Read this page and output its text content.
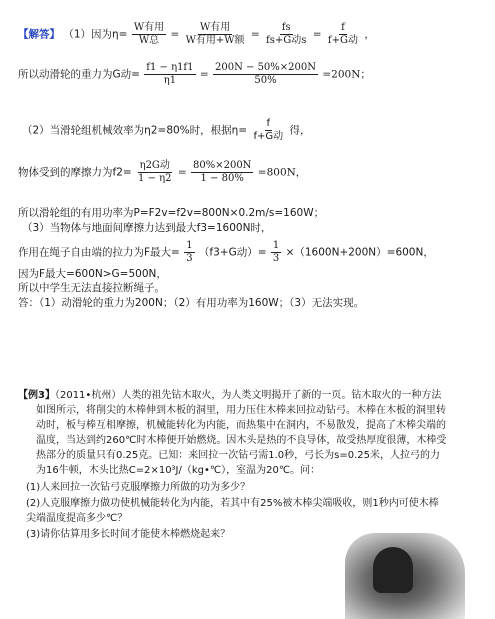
【解答】 （1）因为$\eta= \frac{\text{W有用}}{\text{W总}} = \frac{\text{W有用}}{\text{W有用+W额}} = \frac{fs}{\text{fs+G动s}} = \frac{f}{\text{f+G动}}$ ，
所以动滑轮的重力为G动= $\frac{f1 - \eta 1f1}{\eta 1} = \frac{200N - 50\%\times 200N}{50\%} =200N$；
（2）当滑轮组机械效率为η2=80%时，根据$\eta= \frac{f}{\text{f+G动}}$ 得，
物体受到的摩擦力为$f2= \frac{\text{η2G动}}{1 - \eta 2} = \frac{80\%\times 200N}{1 - 80\%} =800N$，
所以滑轮组的有用功率为P=F2v=f2v=800N×0.2m/s=160W；
（3）当物体与地面间摩擦力达到最大f3=1600N时，
作用在绳子自由端的拉力为F最大= $\frac{1}{3} (f3+G$动）= $\frac{1}{3} \times(1600N+200N)=600N$，
因为F最大=600N>G=500N，
所以中学生无法直接拉断绳子。
答：（1）动滑轮的重力为200N；（2）有用功率为160W；（3）无法实现。
【例3】（2011•杭州）人类的祖先钻木取火，为人类文明揭开了新的一页。钻木取火的一种方法
如图所示，将削尖的木棒伸到木板的洞里，用力压住木棒来回拉动钻弓。木棒在木板的洞里转
动时，板与棒互相摩擦，机械能转化为内能，而热集中在洞内，不易散发，提高了木棒尖端的
温度，当达到约260℃时木棒便开始燃烧。因木头是热的不良导体，故受热厚度很薄，木棒受
热部分的质量只有0.25克。已知：来回拉一次钻弓需1.0秒，弓长为s=0.25米，人拉弓的力
为16牛顿，木头比热C=2×10³J/（kg•℃），室温为20℃。问：
(1)人来回拉一次钻弓克服摩擦力所做的功为多少？
(2)人克服摩擦力做功使机械能转化为内能，若其中有25%被木棒尖端吸收，则1秒内可使木棒
尖端温度提高多少℃？
(3)请你估算用多长时间才能使木棒燃烧起来？
